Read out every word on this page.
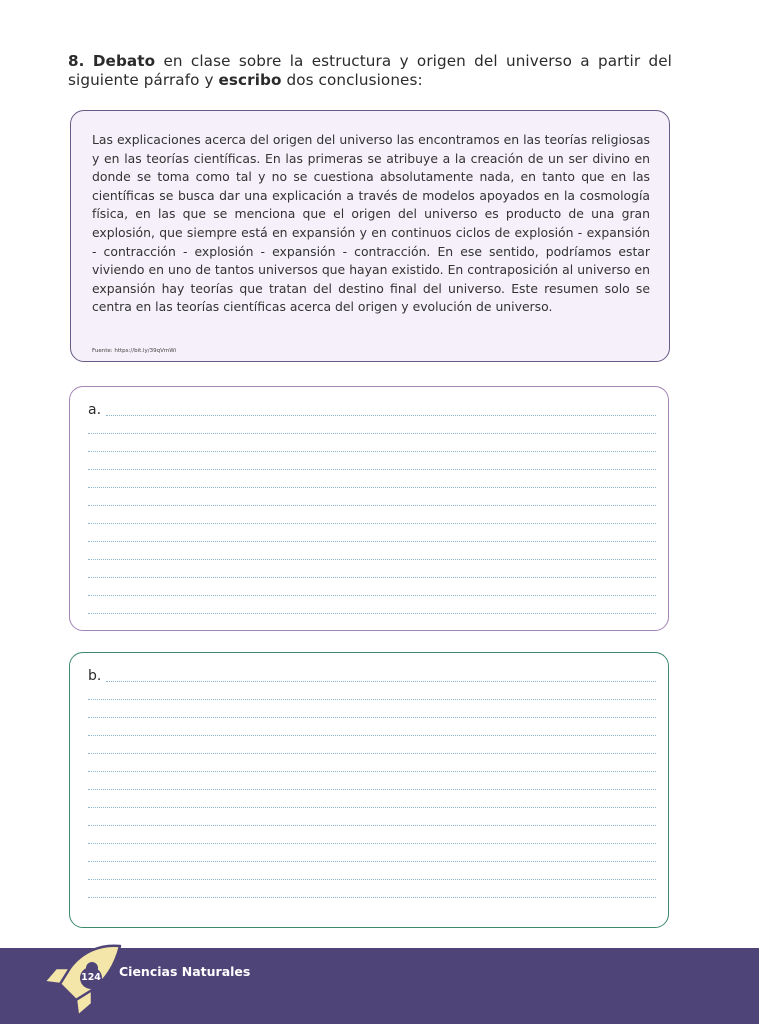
8. Debato en clase sobre la estructura y origen del universo a partir del siguiente párrafo y escribo dos conclusiones:

Las explicaciones acerca del origen del universo las encontramos en las teorías religiosas y en las teorías científicas. En las primeras se atribuye a la creación de un ser divino en donde se toma como tal y no se cuestiona absolutamente nada, en tanto que en las científicas se busca dar una explicación a través de modelos apoyados en la cosmología física, en las que se menciona que el origen del universo es producto de una gran explosión, que siempre está en expansión y en continuos ciclos de explosión - expansión - contracción - explosión - expansión - contracción. En ese sentido, podríamos estar viviendo en uno de tantos universos que hayan existido. En contraposición al universo en expansión hay teorías que tratan del destino final del universo. Este resumen solo se centra en las teorías científicas acerca del origen y evolución de universo.

Fuente: https://bit.ly/39qVmWi
a.
b.
124 Ciencias Naturales
